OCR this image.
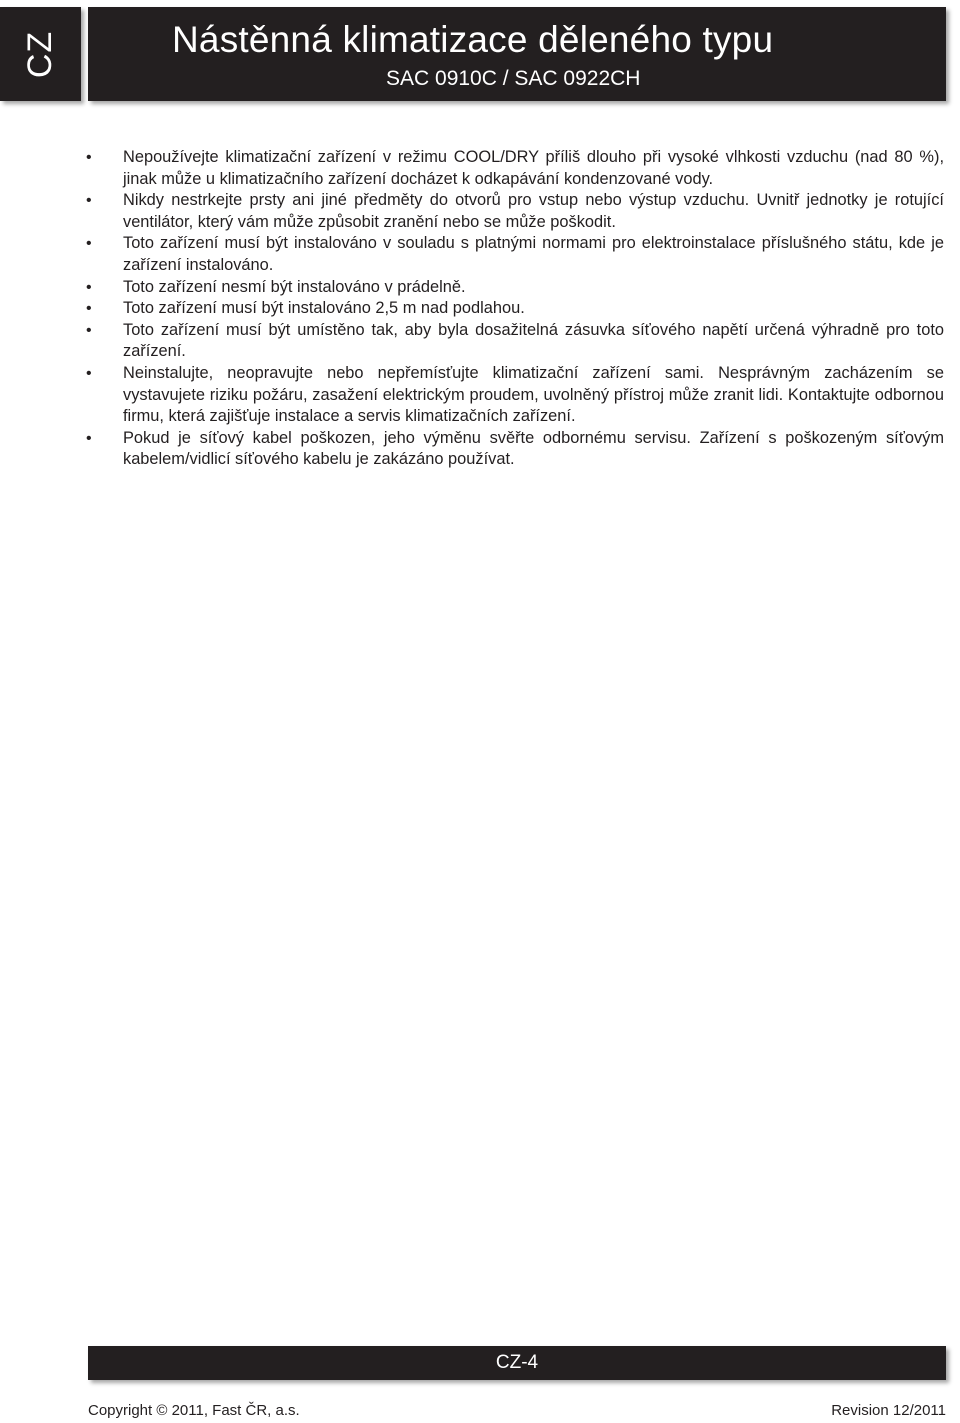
CZ	Nástěnná klimatizace děleného typu
SAC 0910C / SAC 0922CH
• Nepoužívejte klimatizační zařízení v režimu COOL/DRY příliš dlouho při vysoké vlhkosti vzduchu (nad 80 %), jinak může u klimatizačního zařízení docházet k odkapávání kondenzované vody.
• Nikdy nestrkejte prsty ani jiné předměty do otvorů pro vstup nebo výstup vzduchu. Uvnitř jednotky je rotující ventilátor, který vám může způsobit zranění nebo se může poškodit.
• Toto zařízení musí být instalováno v souladu s platnými normami pro elektroinstalace příslušného státu, kde je zařízení instalováno.
• Toto zařízení nesmí být instalováno v prádelně.
• Toto zařízení musí být instalováno 2,5 m nad podlahou.
• Toto zařízení musí být umístěno tak, aby byla dosažitelná zásuvka síťového napětí určená výhradně pro toto zařízení.
• Neinstalujte, neopravujte nebo nepřemísťujte klimatizační zařízení sami. Nesprávným zacházením se vystavujete riziku požáru, zasažení elektrickým proudem, uvolněný přístroj může zranit lidi. Kontaktujte odbornou firmu, která zajišťuje instalace a servis klimatizačních zařízení.
• Pokud je síťový kabel poškozen, jeho výměnu svěřte odbornému servisu. Zařízení s poškozeným síťovým kabelem/vidlicí síťového kabelu je zakázáno používat.
CZ-4
Copyright © 2011, Fast ČR, a.s.	Revision 12/2011
